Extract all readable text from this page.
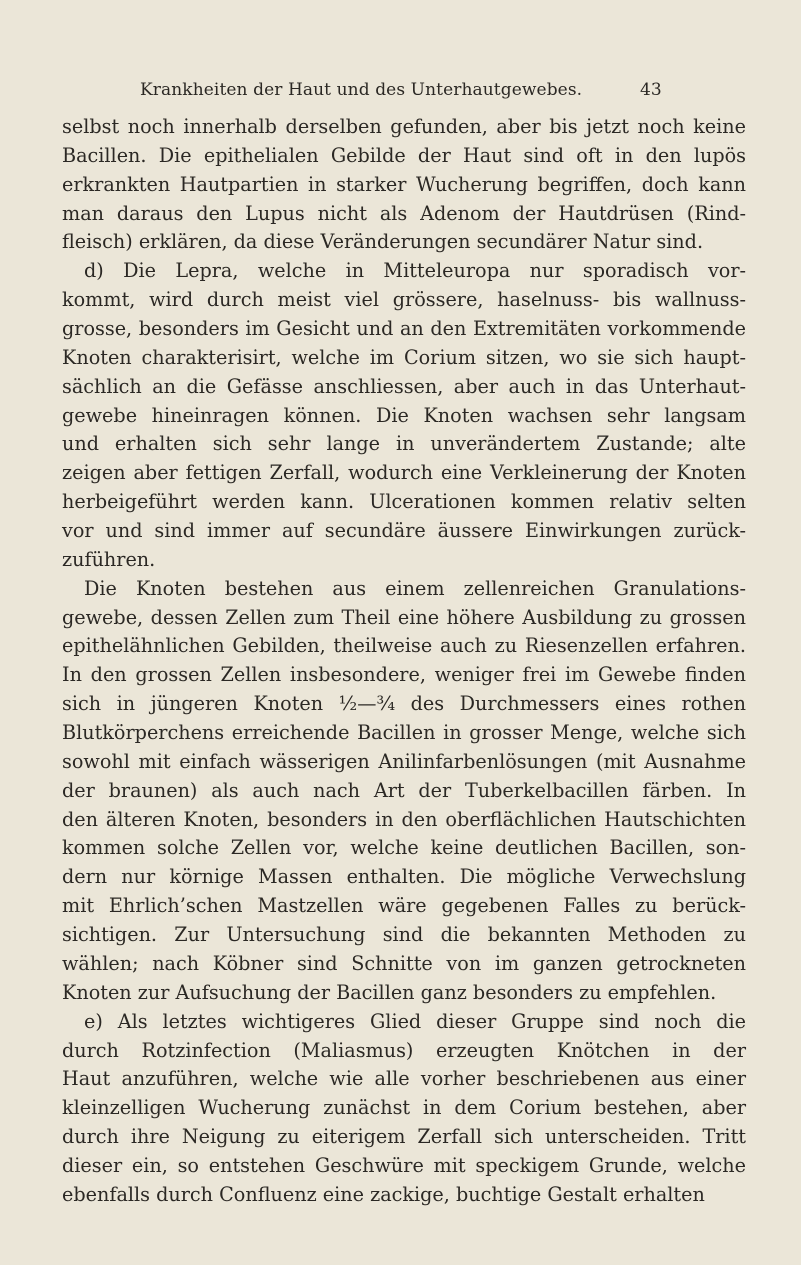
Krankheiten der Haut und des Unterhautgewebes.	43
selbst noch innerhalb derselben gefunden, aber bis jetzt noch keine
Bacillen. Die epithelialen Gebilde der Haut sind oft in den lupös
erkrankten Hautpartien in starker Wucherung begriffen, doch kann
man daraus den Lupus nicht als Adenom der Hautdrüsen (Rind-
fleisch) erklären, da diese Veränderungen secundärer Natur sind.
d) Die Lepra, welche in Mitteleuropa nur sporadisch vor-
kommt, wird durch meist viel grössere, haselnuss- bis wallnuss-
grosse, besonders im Gesicht und an den Extremitäten vorkommende
Knoten charakterisirt, welche im Corium sitzen, wo sie sich haupt-
sächlich an die Gefässe anschliessen, aber auch in das Unterhaut-
gewebe hineinragen können. Die Knoten wachsen sehr langsam
und erhalten sich sehr lange in unverändertem Zustande; alte
zeigen aber fettigen Zerfall, wodurch eine Verkleinerung der Knoten
herbeigeführt werden kann. Ulcerationen kommen relativ selten
vor und sind immer auf secundäre äussere Einwirkungen zurück-
zuführen.
Die Knoten bestehen aus einem zellenreichen Granulations-
gewebe, dessen Zellen zum Theil eine höhere Ausbildung zu grossen
epithelähnlichen Gebilden, theilweise auch zu Riesenzellen erfahren.
In den grossen Zellen insbesondere, weniger frei im Gewebe finden
sich in jüngeren Knoten ½—¾ des Durchmessers eines rothen
Blutkörperchens erreichende Bacillen in grosser Menge, welche sich
sowohl mit einfach wässerigen Anilinfarbenlösungen (mit Ausnahme
der braunen) als auch nach Art der Tuberkelbacillen färben. In
den älteren Knoten, besonders in den oberflächlichen Hautschichten
kommen solche Zellen vor, welche keine deutlichen Bacillen, son-
dern nur körnige Massen enthalten. Die mögliche Verwechslung
mit Ehrlich’schen Mastzellen wäre gegebenen Falles zu berück-
sichtigen. Zur Untersuchung sind die bekannten Methoden zu
wählen; nach Köbner sind Schnitte von im ganzen getrockneten
Knoten zur Aufsuchung der Bacillen ganz besonders zu empfehlen.
e) Als letztes wichtigeres Glied dieser Gruppe sind noch die
durch Rotzinfection (Maliasmus) erzeugten Knötchen in der
Haut anzuführen, welche wie alle vorher beschriebenen aus einer
kleinzelligen Wucherung zunächst in dem Corium bestehen, aber
durch ihre Neigung zu eiterigem Zerfall sich unterscheiden. Tritt
dieser ein, so entstehen Geschwüre mit speckigem Grunde, welche
ebenfalls durch Confluenz eine zackige, buchtige Gestalt erhalten
